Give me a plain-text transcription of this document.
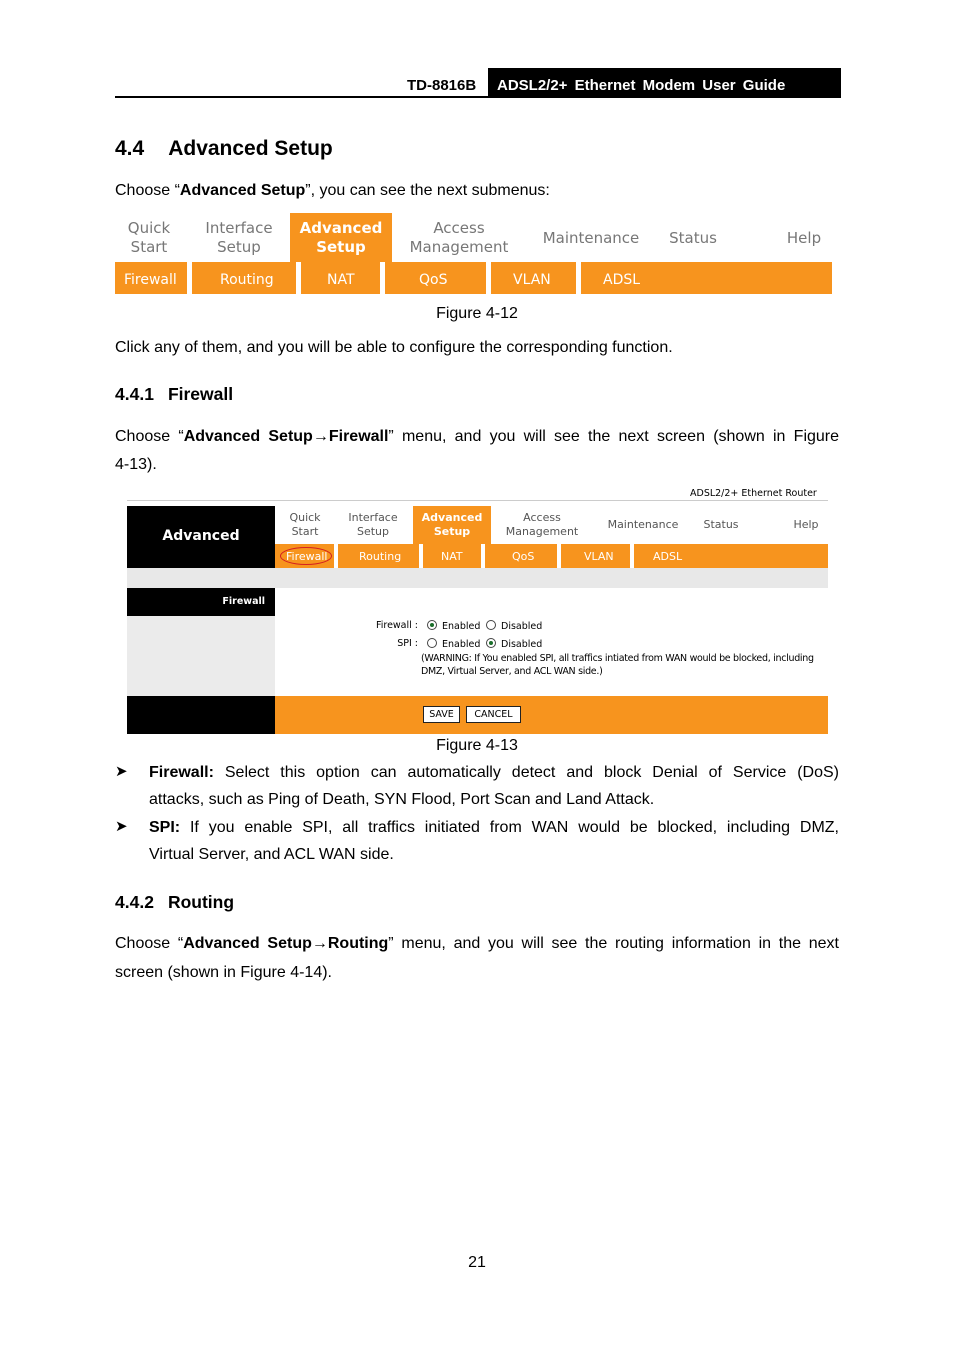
TD-8816B ADSL2/2+ Ethernet Modem User Guide
4.4 Advanced Setup
Choose “Advanced Setup”, you can see the next submenus:
Quick
Start
Interface
Setup
Advanced
Setup
Access
Management	Maintenance	Status	Help
Firewall	Routing	NAT	QoS	VLAN	ADSL
Figure 4-12
Click any of them, and you will be able to configure the corresponding function.
4.4.1 Firewall
Choose “Advanced Setup→Firewall” menu, and you will see the next screen (shown in Figure
4-13).
ADSL2/2+ Ethernet Router
Advanced
Quick
Start
Interface
Setup
Advanced
Setup
Access
Management
Maintenance	Status	Help
Firewall	Routing	NAT	QoS	VLAN	ADSL
Firewall
Firewall :	Enabled Disabled
SPI :	Enabled Disabled
(WARNING: If You enabled SPI, all traffics intiated from WAN would be blocked, including
DMZ, Virtual Server, and ACL WAN side.)
SAVE	CANCEL
Figure 4-13
➤ Firewall: Select this option can automatically detect and block Denial of Service (DoS)
attacks, such as Ping of Death, SYN Flood, Port Scan and Land Attack.
➤ SPI: If you enable SPI, all traffics initiated from WAN would be blocked, including DMZ,
Virtual Server, and ACL WAN side.
4.4.2 Routing
Choose “Advanced Setup→Routing” menu, and you will see the routing information in the next
screen (shown in Figure 4-14).
21
